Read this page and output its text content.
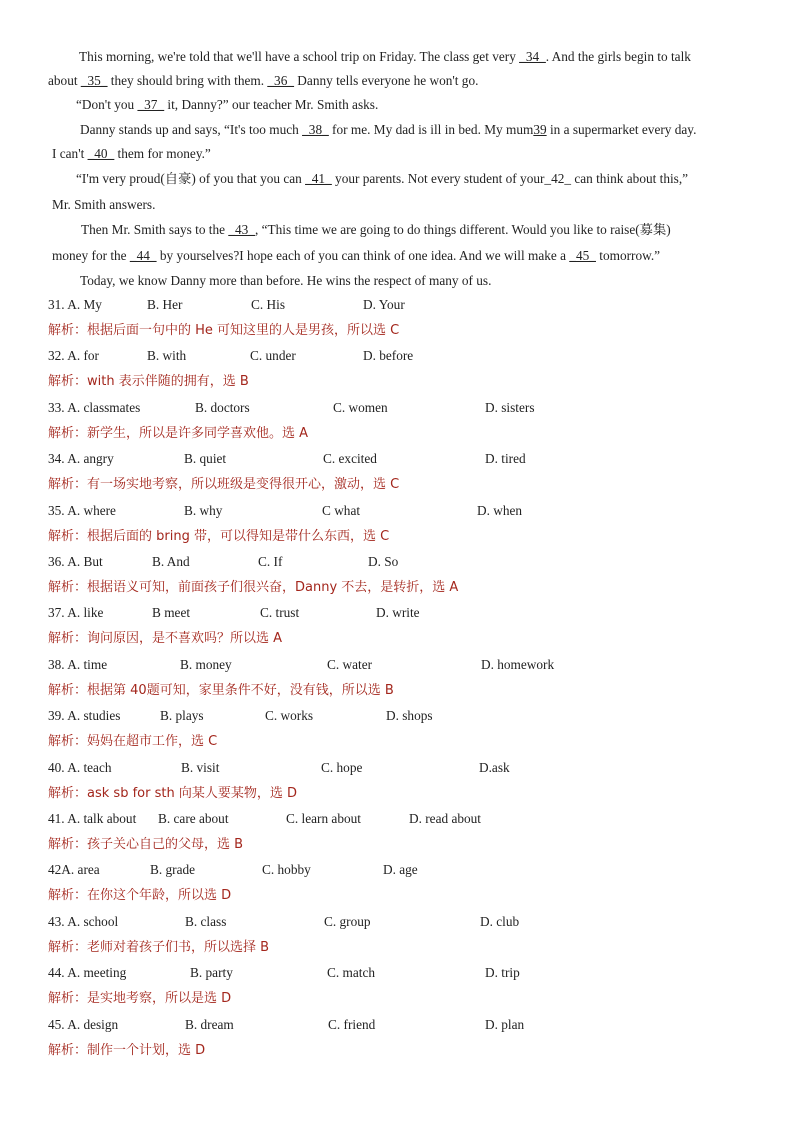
This morning, we're told that we'll have a school trip on Friday. The class get very _34_. And the girls begin to talk
about _35_ they should bring with them. _36_ Danny tells everyone he won't go.
“Don't you _37_ it, Danny?” our teacher Mr. Smith asks.
Danny stands up and says, “It's too much _38_ for me. My dad is ill in bed. My mum39 in a supermarket every day.
I can't _40_ them for money.”
“I'm very proud(自豪) of you that you can _41_ your parents. Not every student of your_42_ can think about this,”
Mr. Smith answers.
Then Mr. Smith says to the _43_, “This time we are going to do things different. Would you like to raise(募集)
money for the _44_ by yourselves?I hope each of you can think of one idea. And we will make a _45_ tomorrow.”
Today, we know Danny more than before. He wins the respect of many of us.
31. A. My	B. Her	C. His	D. Your
解析：根据后面一句中的 He 可知这里的人是男孩，所以选 C
32. A. for	B. with	C. under	D. before
解析：with 表示伴随的拥有，选 B
33. A. classmates	B. doctors	C. women	D. sisters
解析：新学生，所以是许多同学喜欢他。选 A
34. A. angry	B. quiet	C. excited	D. tired
解析：有一场实地考察，所以班级是变得很开心，激动，选 C
35. A. where	B. why	C what	D. when
解析：根据后面的 bring 带，可以得知是带什么东西，选 C
36. A. But	B. And	C. If	D. So
解析：根据语义可知，前面孩子们很兴奋，Danny 不去，是转折，选 A
37. A. like	B meet	C. trust	D. write
解析：询问原因，是不喜欢吗？所以选 A
38. A. time	B. money	C. water	D. homework
解析：根据第 40题可知，家里条件不好，没有钱，所以选 B
39. A. studies	B. plays	C. works	D. shops
解析：妈妈在超市工作，选 C
40. A. teach	B. visit	C. hope	D.ask
解析：ask sb for sth 向某人要某物，选 D
41. A. talk about B. care about	C. learn about	D. read about
解析：孩子关心自己的父母，选 B
42A. area	B. grade	C. hobby	D. age
解析：在你这个年龄，所以选 D
43. A. school	B. class	C. group	D. club
解析：老师对着孩子们书，所以选择 B
44. A. meeting	B. party	C. match	D. trip
解析：是实地考察，所以是选 D
45. A. design	B. dream	C. friend	D. plan
解析：制作一个计划，选 D
